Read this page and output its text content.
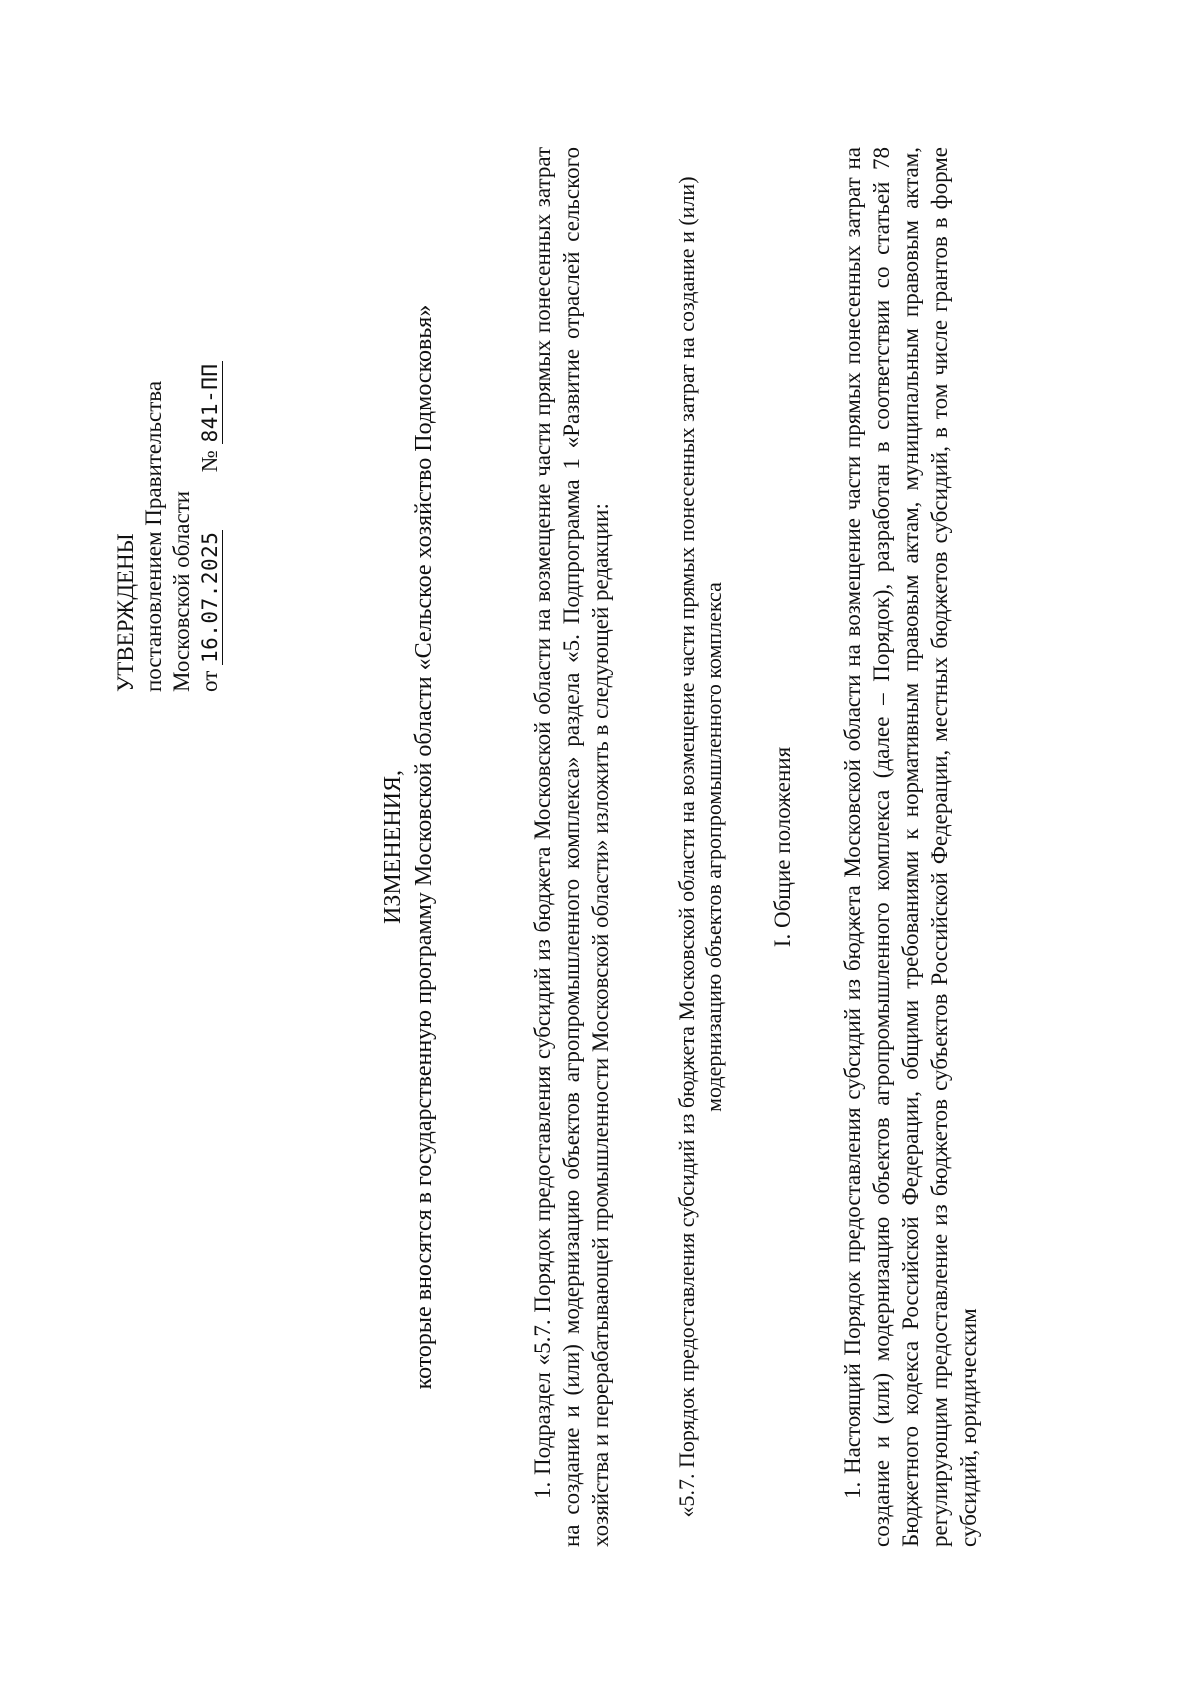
УТВЕРЖДЕНЫ постановлением Правительства Московской области от 16.07.2025          № 841-ПП
ИЗМЕНЕНИЯ, которые вносятся в государственную программу Московской области «Сельское хозяйство Подмосковья»	1. Подраздел «5.7. Порядок предоставления субсидий из бюджета Московской области на возмещение части прямых понесенных затрат на создание и (или) модернизацию объектов агропромышленного комплекса» раздела «5. Подпрограмма 1 «Развитие отраслей сельского хозяйства и перерабатывающей промышленности Московской области» изложить в следующей редакции:	«5.7. Порядок предоставления субсидий из бюджета Московской области на возмещение части прямых понесенных затрат на создание и (или) модернизацию объектов агропромышленного комплекса I. Общие положения 1. Настоящий Порядок предоставления субсидий из бюджета Московской области на возмещение части прямых понесенных затрат на создание и (или) модернизацию объектов агропромышленного комплекса (далее – Порядок), разработан в соответствии со статьей 78 Бюджетного кодекса Российской Федерации, общими требованиями к нормативным правовым актам, муниципальным правовым актам, регулирующим предоставление из бюджетов субъектов Российской Федерации, местных бюджетов субсидий, в том числе грантов в форме субсидий, юридическим
